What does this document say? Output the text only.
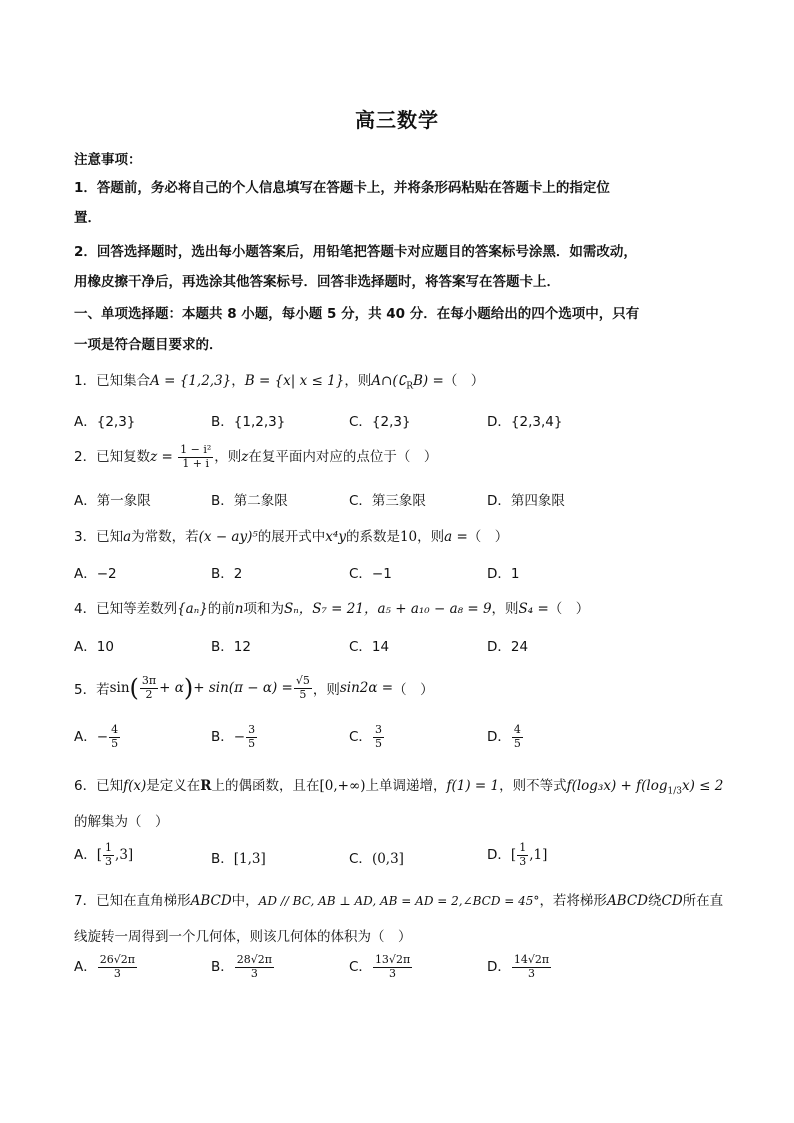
高三数学
注意事项：
1．答题前，务必将自己的个人信息填写在答题卡上，并将条形码粘贴在答题卡上的指定位
置．
2．回答选择题时，选出每小题答案后，用铅笔把答题卡对应题目的答案标号涂黑．如需改动，
用橡皮擦干净后，再选涂其他答案标号．回答非选择题时，将答案写在答题卡上．
一、单项选择题：本题共 8 小题，每小题 5 分，共 40 分．在每小题给出的四个选项中，只有
一项是符合题目要求的．
1．已知集合A = {1,2,3}，B = {x| x ≤ 1}，则$A\cap(∁_RB)$ =（　）
A．{2,3}	B．{1,2,3}	C．{2,3}	D．{2,3,4}
2．已知复数$z = \frac{\text{1 − i²}}{1 + i}$ ，则z在复平面内对应的点位于（　）
A．第一象限	B．第二象限	C．第三象限	D．第四象限
3．已知a为常数，若(x − ay)⁵的展开式中x⁴y的系数是10，则a =（　）
A．−2	B．2	C．−1	D．1
4．已知等差数列{aₙ}的前n项和为Sₙ，S₇ = 21，a₅ + a₁₀ − a₈ = 9，则S₄ =（　）
A．10	B．12	C．14	D．24
5．若 sin ( $\frac{3\pi}{2} + \alpha$ ) + $\sin(\pi - \alpha) = \frac{√5}{5}$ ，则 sin2α = （　）
A．− $\frac{4}{5}$	B．− $\frac{3}{5}$	C． $\frac{3}{5}$	D． $\frac{4}{5}$
6．已知f(x)是定义在R上的偶函数，且在[0,+∞)上单调递增，f(1) = 1，则不等式$f(\log_3x) + f(\log_{1/3}x) \le 2$
的解集为（　）
A．[ $\frac{1}{3} ,3$]	B．[1,3]	C．(0,3]	D．[ $\frac{1}{3} ,1$]
7．已知在直角梯形ABCD中，AD // BC, AB ⊥ AD, AB = AD = 2,∠BCD = 45°，若将梯形ABCD绕CD所在直
线旋转一周得到一个几何体，则该几何体的体积为（　）
A． $\frac{26√2\pi}{3}$	B． $\frac{28√2\pi}{3}$	C． $\frac{13√2\pi}{3}$	D． $\frac{14√2\pi}{3}$
